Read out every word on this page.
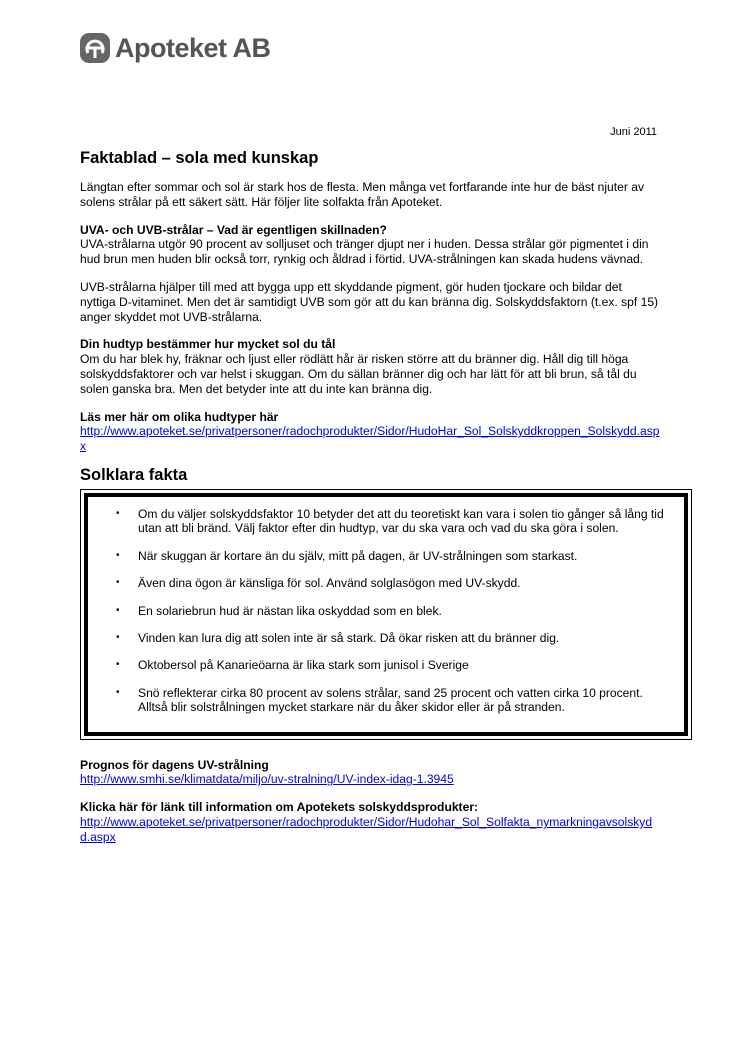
Apoteket AB
Juni 2011
Faktablad – sola med kunskap

Längtan efter sommar och sol är stark hos de flesta. Men många vet fortfarande inte hur de bäst njuter av solens strålar på ett säkert sätt. Här följer lite solfakta från Apoteket.

UVA- och UVB-strålar – Vad är egentligen skillnaden?

UVA-strålarna utgör 90 procent av solljuset och tränger djupt ner i huden. Dessa strålar gör pigmentet i din hud brun men huden blir också torr, rynkig och åldrad i förtid. UVA-strålningen kan skada hudens vävnad.

UVB-strålarna hjälper till med att bygga upp ett skyddande pigment, gör huden tjockare och bildar det nyttiga D-vitaminet. Men det är samtidigt UVB som gör att du kan bränna dig. Solskyddsfaktorn (t.ex. spf 15) anger skyddet mot UVB-strålarna.

Din hudtyp bestämmer hur mycket sol du tål

Om du har blek hy, fräknar och ljust eller rödlätt hår är risken större att du bränner dig. Håll dig till höga solskyddsfaktorer och var helst i skuggan. Om du sällan bränner dig och har lätt för att bli brun, så tål du solen ganska bra. Men det betyder inte att du inte kan bränna dig.

Läs mer här om olika hudtyper här
http://www.apoteket.se/privatpersoner/radochprodukter/Sidor/HudoHar_Sol_Solskyddkroppen_Solskydd.aspx
Solklara fakta
• Om du väljer solskyddsfaktor 10 betyder det att du teoretiskt kan vara i solen tio gånger så lång tid utan att bli bränd. Välj faktor efter din hudtyp, var du ska vara och vad du ska göra i solen.
• När skuggan är kortare än du själv, mitt på dagen, är UV-strålningen som starkast.
• Även dina ögon är känsliga för sol. Använd solglasögon med UV-skydd.
• En solariebrun hud är nästan lika oskyddad som en blek.
• Vinden kan lura dig att solen inte är så stark. Då ökar risken att du bränner dig.
• Oktobersol på Kanarieöarna är lika stark som junisol i Sverige
• Snö reflekterar cirka 80 procent av solens strålar, sand 25 procent och vatten cirka 10 procent. Alltså blir solstrålningen mycket starkare när du åker skidor eller är på stranden.
Prognos för dagens UV-strålning
http://www.smhi.se/klimatdata/miljo/uv-stralning/UV-index-idag-1.3945
Klicka här för länk till information om Apotekets solskyddsprodukter:
http://www.apoteket.se/privatpersoner/radochprodukter/Sidor/Hudohar_Sol_Solfakta_nymarkningavsolskydd.aspx
